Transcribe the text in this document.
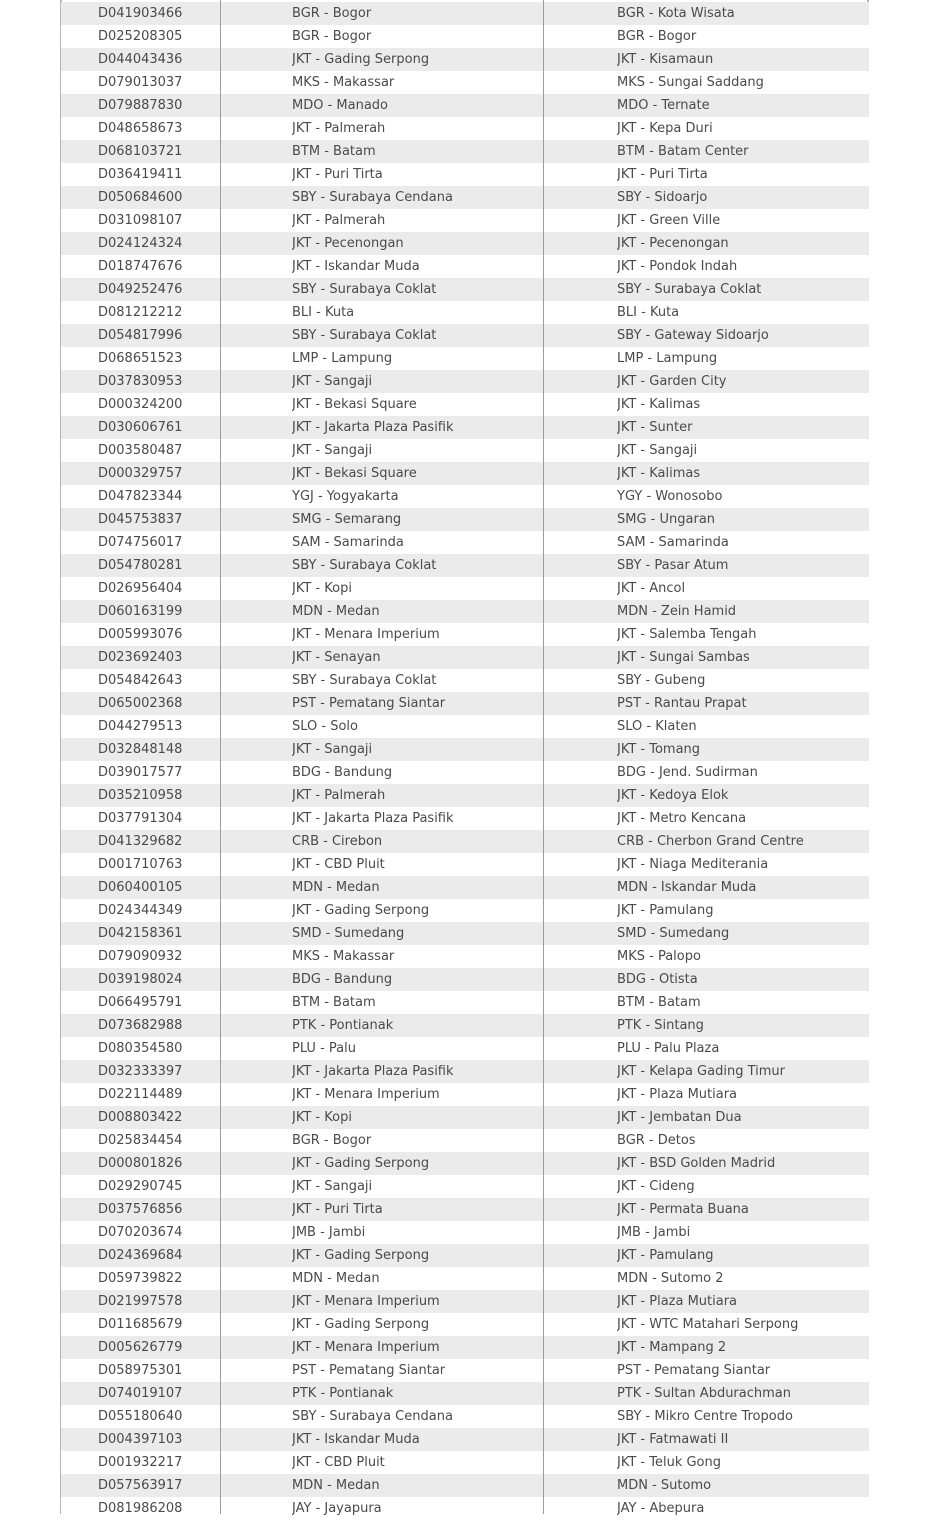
D041903466	BGR - Bogor	BGR - Kota Wisata
D025208305	BGR - Bogor	BGR - Bogor
D044043436	JKT - Gading Serpong	JKT - Kisamaun
D079013037	MKS - Makassar	MKS - Sungai Saddang
D079887830	MDO - Manado	MDO - Ternate
D048658673	JKT - Palmerah	JKT - Kepa Duri
D068103721	BTM - Batam	BTM - Batam Center
D036419411	JKT - Puri Tirta	JKT - Puri Tirta
D050684600	SBY - Surabaya Cendana	SBY - Sidoarjo
D031098107	JKT - Palmerah	JKT - Green Ville
D024124324	JKT - Pecenongan	JKT - Pecenongan
D018747676	JKT - Iskandar Muda	JKT - Pondok Indah
D049252476	SBY - Surabaya Coklat	SBY - Surabaya Coklat
D081212212	BLI - Kuta	BLI - Kuta
D054817996	SBY - Surabaya Coklat	SBY - Gateway Sidoarjo
D068651523	LMP - Lampung	LMP - Lampung
D037830953	JKT - Sangaji	JKT - Garden City
D000324200	JKT - Bekasi Square	JKT - Kalimas
D030606761	JKT - Jakarta Plaza Pasifik	JKT - Sunter
D003580487	JKT - Sangaji	JKT - Sangaji
D000329757	JKT - Bekasi Square	JKT - Kalimas
D047823344	YGJ - Yogyakarta	YGY - Wonosobo
D045753837	SMG - Semarang	SMG - Ungaran
D074756017	SAM - Samarinda	SAM - Samarinda
D054780281	SBY - Surabaya Coklat	SBY - Pasar Atum
D026956404	JKT - Kopi	JKT - Ancol
D060163199	MDN - Medan	MDN - Zein Hamid
D005993076	JKT - Menara Imperium	JKT - Salemba Tengah
D023692403	JKT - Senayan	JKT - Sungai Sambas
D054842643	SBY - Surabaya Coklat	SBY - Gubeng
D065002368	PST - Pematang Siantar	PST - Rantau Prapat
D044279513	SLO - Solo	SLO - Klaten
D032848148	JKT - Sangaji	JKT - Tomang
D039017577	BDG - Bandung	BDG - Jend. Sudirman
D035210958	JKT - Palmerah	JKT - Kedoya Elok
D037791304	JKT - Jakarta Plaza Pasifik	JKT - Metro Kencana
D041329682	CRB - Cirebon	CRB - Cherbon Grand Centre
D001710763	JKT - CBD Pluit	JKT - Niaga Mediterania
D060400105	MDN - Medan	MDN - Iskandar Muda
D024344349	JKT - Gading Serpong	JKT - Pamulang
D042158361	SMD - Sumedang	SMD - Sumedang
D079090932	MKS - Makassar	MKS - Palopo
D039198024	BDG - Bandung	BDG - Otista
D066495791	BTM - Batam	BTM - Batam
D073682988	PTK - Pontianak	PTK - Sintang
D080354580	PLU - Palu	PLU - Palu Plaza
D032333397	JKT - Jakarta Plaza Pasifik	JKT - Kelapa Gading Timur
D022114489	JKT - Menara Imperium	JKT - Plaza Mutiara
D008803422	JKT - Kopi	JKT - Jembatan Dua
D025834454	BGR - Bogor	BGR - Detos
D000801826	JKT - Gading Serpong	JKT - BSD Golden Madrid
D029290745	JKT - Sangaji	JKT - Cideng
D037576856	JKT - Puri Tirta	JKT - Permata Buana
D070203674	JMB - Jambi	JMB - Jambi
D024369684	JKT - Gading Serpong	JKT - Pamulang
D059739822	MDN - Medan	MDN - Sutomo 2
D021997578	JKT - Menara Imperium	JKT - Plaza Mutiara
D011685679	JKT - Gading Serpong	JKT - WTC Matahari Serpong
D005626779	JKT - Menara Imperium	JKT - Mampang 2
D058975301	PST - Pematang Siantar	PST - Pematang Siantar
D074019107	PTK - Pontianak	PTK - Sultan Abdurachman
D055180640	SBY - Surabaya Cendana	SBY - Mikro Centre Tropodo
D004397103	JKT - Iskandar Muda	JKT - Fatmawati II
D001932217	JKT - CBD Pluit	JKT - Teluk Gong
D057563917	MDN - Medan	MDN - Sutomo
D081986208	JAY - Jayapura	JAY - Abepura
